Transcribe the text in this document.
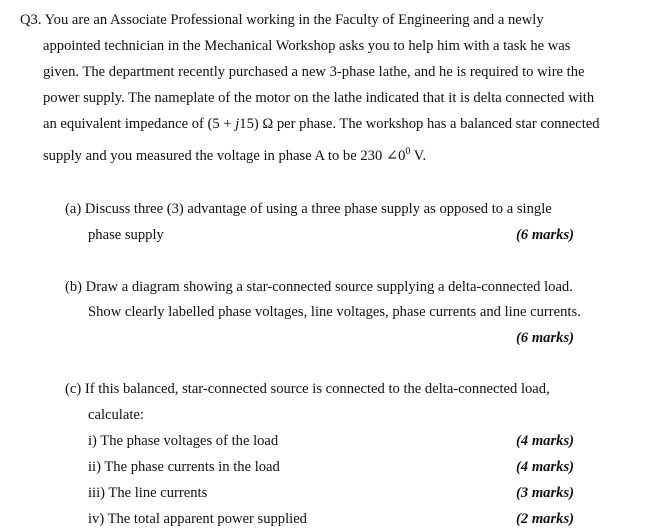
Q3. You are an Associate Professional working in the Faculty of Engineering and a newly
appointed technician in the Mechanical Workshop asks you to help him with a task he was
given. The department recently purchased a new 3-phase lathe, and he is required to wire the
power supply. The nameplate of the motor on the lathe indicated that it is delta connected with
an equivalent impedance of (5 + j15) Ω per phase. The workshop has a balanced star connected
supply and you measured the voltage in phase A to be 230 $\angle 0^0$ V.
(a) Discuss three (3) advantage of using a three phase supply as opposed to a single
phase supply	(6 marks)
(b) Draw a diagram showing a star-connected source supplying a delta-connected load.
Show clearly labelled phase voltages, line voltages, phase currents and line currents.
(6 marks)
(c) If this balanced, star-connected source is connected to the delta-connected load,
calculate:
i) The phase voltages of the load	(4 marks)
ii) The phase currents in the load	(4 marks)
iii) The line currents	(3 marks)
iv) The total apparent power supplied	(2 marks)
